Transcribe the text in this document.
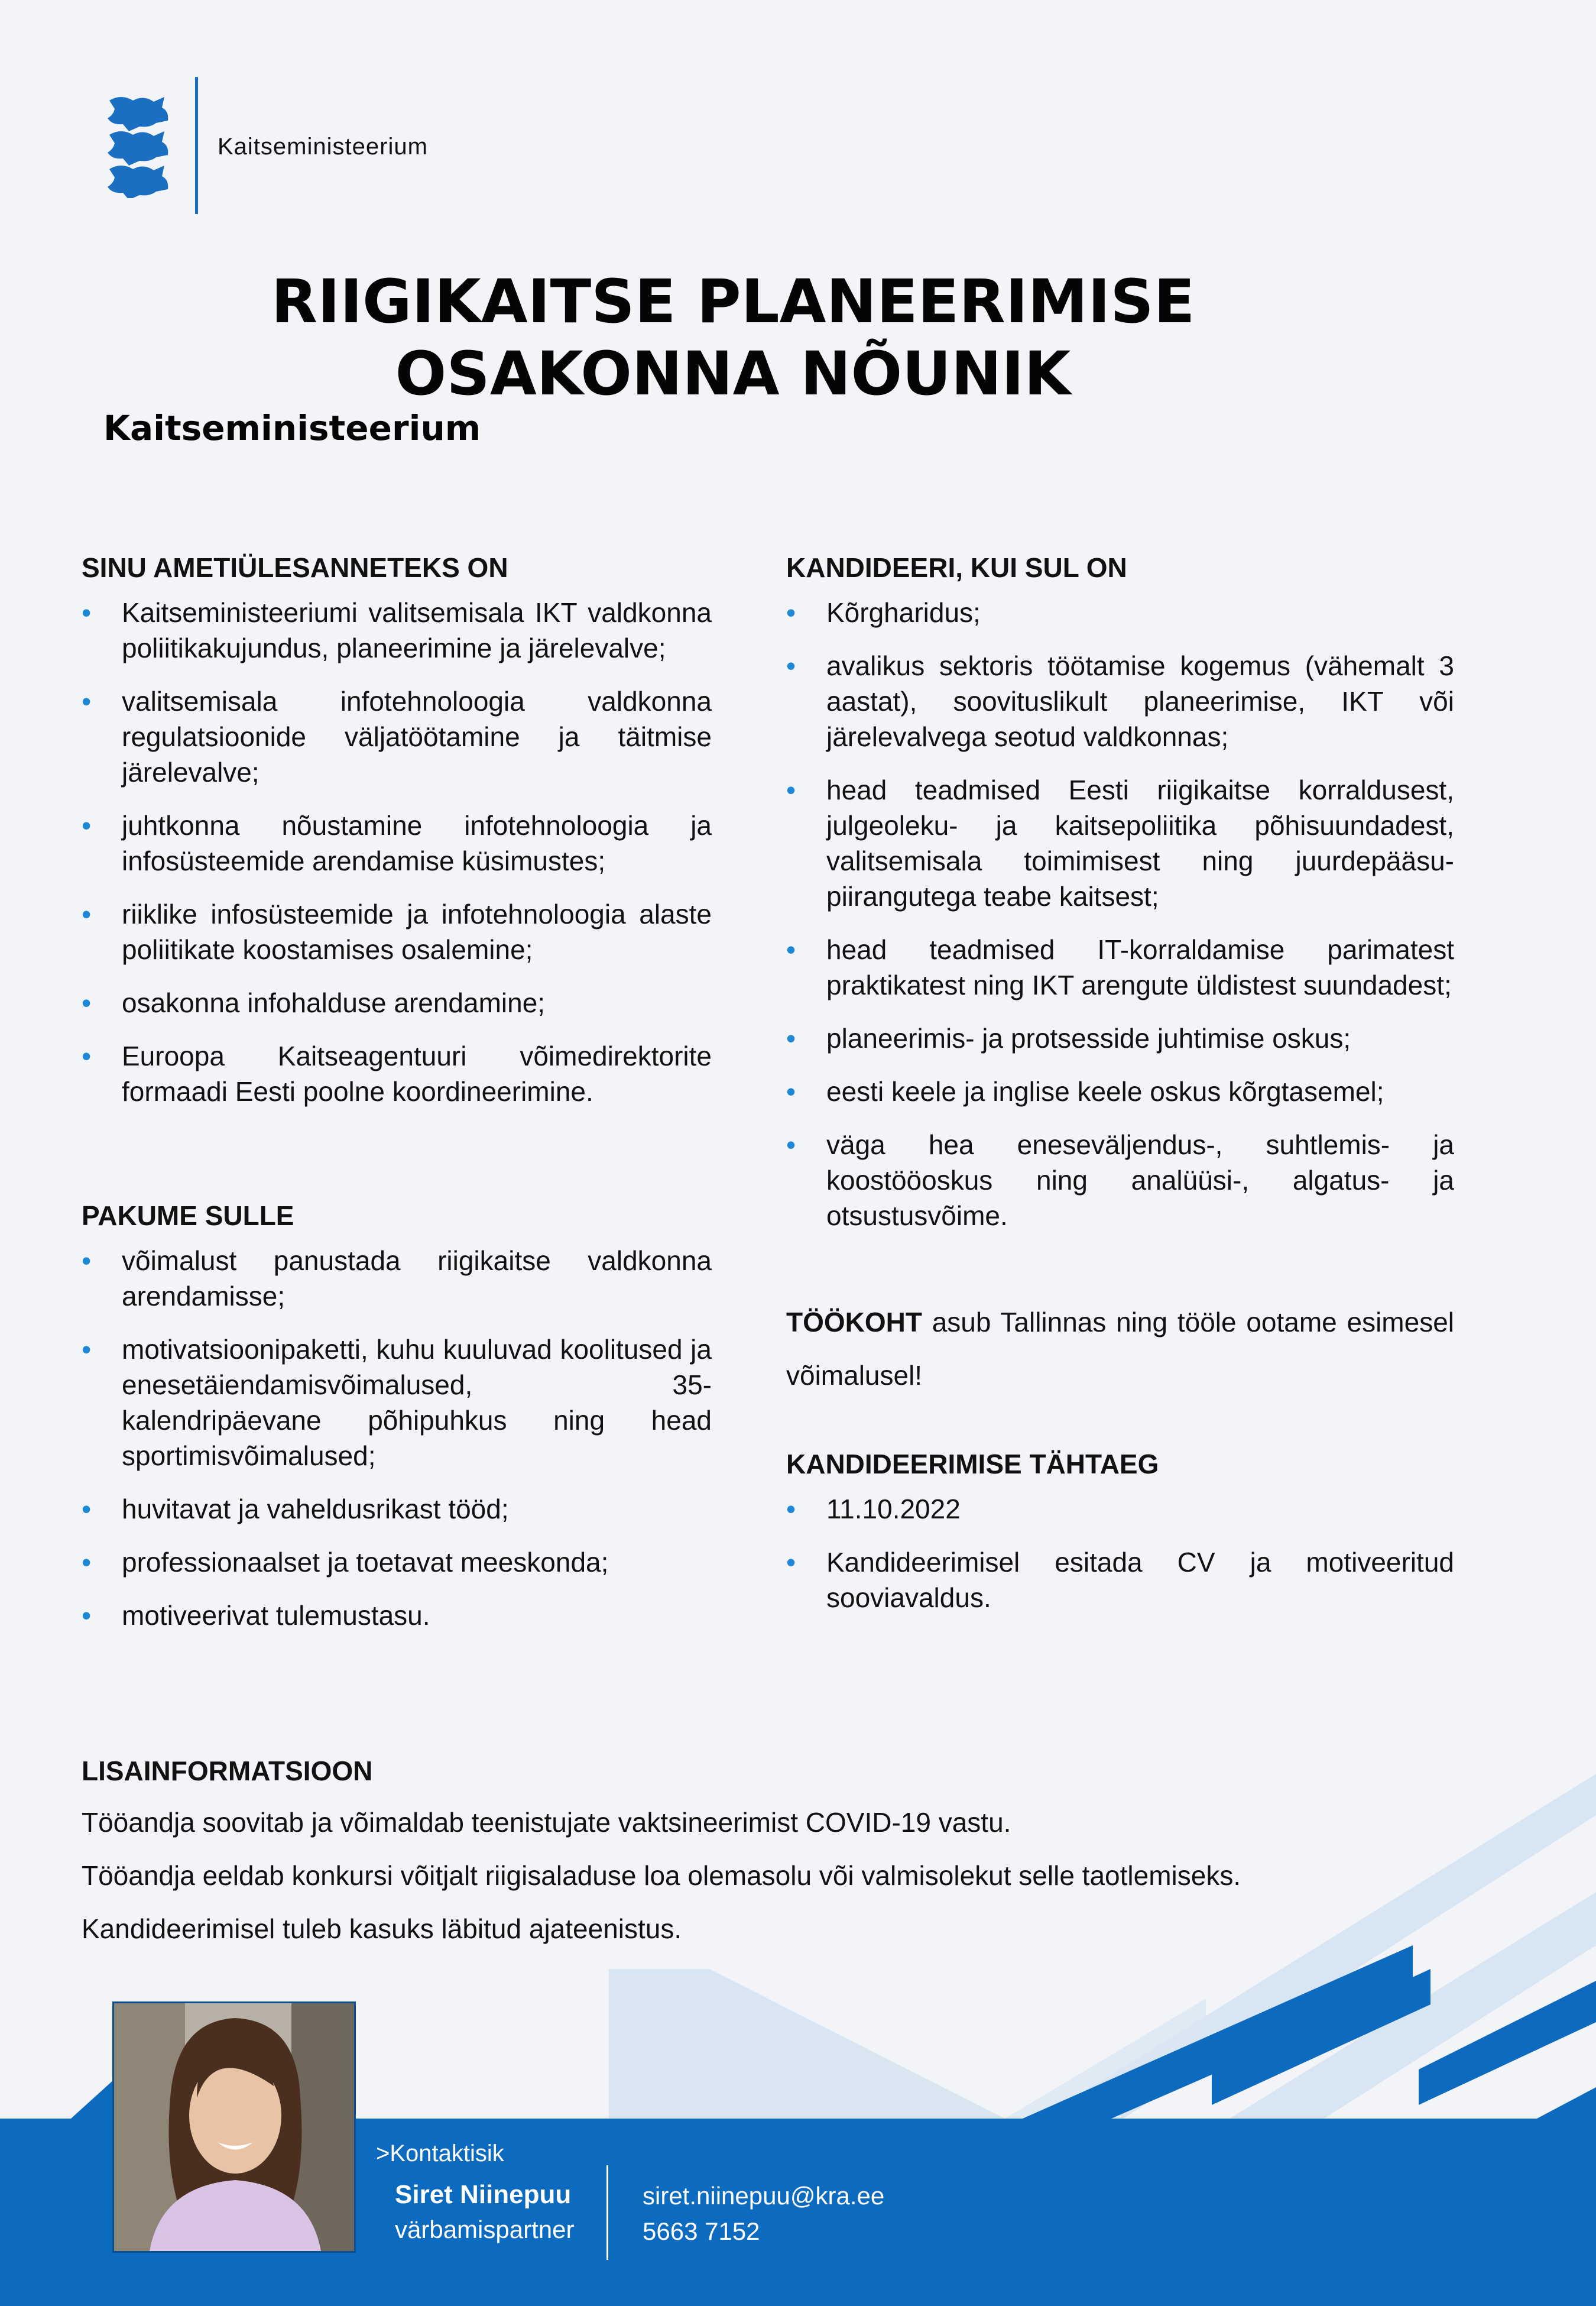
Kaitseministeerium
RIIGIKAITSE PLANEERIMISE
OSAKONNA NÕUNIK
Kaitseministeerium
SINU AMETIÜLESANNETEKS ON
• Kaitseministeeriumi valitsemisala IKT valdkonna poliitikakujundus, planeerimine ja järelevalve;
• valitsemisala infotehnoloogia valdkonna regulatsioonide väljatöötamine ja täitmise järelevalve;
• juhtkonna nõustamine infotehnoloogia ja infosüsteemide arendamise küsimustes;
• riiklike infosüsteemide ja infotehnoloogia alaste poliitikate koostamises osalemine;
• osakonna infohalduse arendamine;
• Euroopa Kaitseagentuuri võimedirektorite formaadi Eesti poolne koordineerimine.
PAKUME SULLE
• võimalust panustada riigikaitse valdkonna arendamisse;
• motivatsioonipaketti, kuhu kuuluvad koolitused ja enesetäiendamisvõimalused, 35-kalendripäevane põhipuhkus ning head sportimisvõimalused;
• huvitavat ja vaheldusrikast tööd;
• professionaalset ja toetavat meeskonda;
• motiveerivat tulemustasu.
KANDIDEERI, KUI SUL ON
• Kõrgharidus;
• avalikus sektoris töötamise kogemus (vähemalt 3 aastat), soovituslikult planeerimise, IKT või järelevalvega seotud valdkonnas;
• head teadmised Eesti riigikaitse korraldusest, julgeoleku- ja kaitsepoliitika põhisuundadest, valitsemisala toimimisest ning juurdepääsu-piirangutega teabe kaitsest;
• head teadmised IT-korraldamise parimatest praktikatest ning IKT arengute üldistest suundadest;
• planeerimis- ja protsesside juhtimise oskus;
• eesti keele ja inglise keele oskus kõrgtasemel;
• väga hea eneseväljendus-, suhtlemis- ja koostööoskus ning analüüsi-, algatus- ja otsustusvõime.
TÖÖKOHT asub Tallinnas ning tööle ootame esimesel võimalusel!
KANDIDEERIMISE TÄHTAEG
• 11.10.2022
• Kandideerimisel esitada CV ja motiveeritud sooviavaldus.
LISAINFORMATSIOON
Tööandja soovitab ja võimaldab teenistujate vaktsineerimist COVID-19 vastu.
Tööandja eeldab konkursi võitjalt riigisaladuse loa olemasolu või valmisolekut selle taotlemiseks.
Kandideerimisel tuleb kasuks läbitud ajateenistus.
>Kontaktisik
Siret Niinepuu
värbamispartner
siret.niinepuu@kra.ee
5663 7152
